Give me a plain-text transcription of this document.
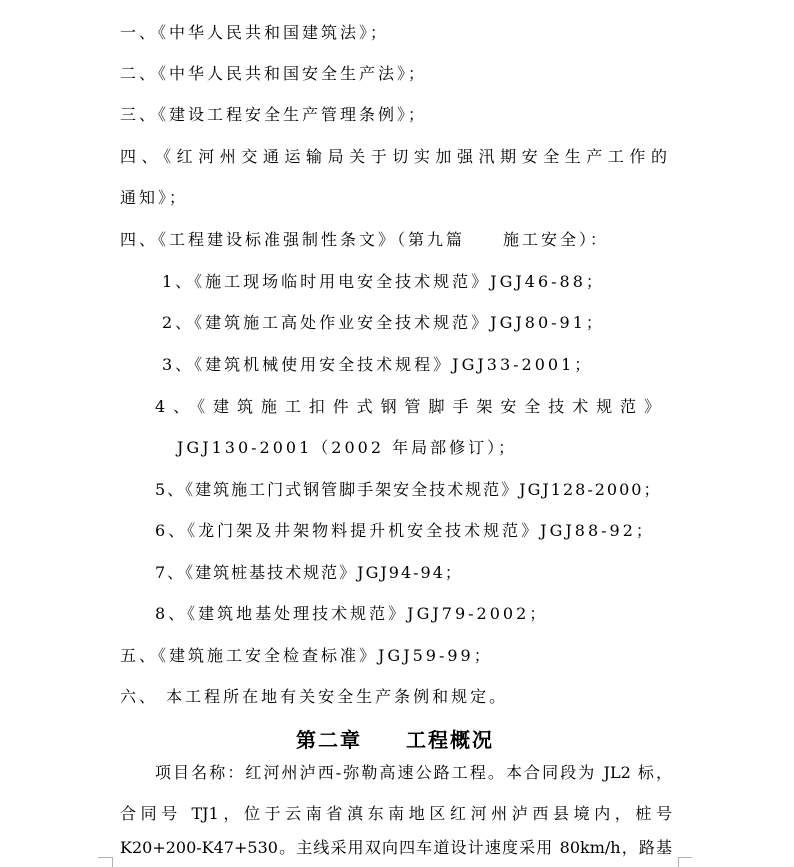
一、《中华人民共和国建筑法》；
二、《中华人民共和国安全生产法》；
三、《建设工程安全生产管理条例》；
四、《红河州交通运输局关于切实加强汛期安全生产工作的
通知》；
四、《工程建设标准强制性条文》（第九篇　　施工安全）：
1、《施工现场临时用电安全技术规范》JGJ46-88；
2、《建筑施工高处作业安全技术规范》JGJ80-91；
3、《建筑机械使用安全技术规程》JGJ33-2001；
4、《建筑施工扣件式钢管脚手架安全技术规范》
JGJ130-2001（2002 年局部修订）；
5、《建筑施工门式钢管脚手架安全技术规范》JGJ128-2000；
6、《龙门架及井架物料提升机安全技术规范》JGJ88-92；
7、《建筑桩基技术规范》JGJ94-94；
8、《建筑地基处理技术规范》JGJ79-2002；
五、《建筑施工安全检查标准》JGJ59-99；
六、 本工程所在地有关安全生产条例和规定。
第二章　　工程概况
项目名称：红河州泸西-弥勒高速公路工程。本合同段为 JL2 标，
合同号 TJ1，位于云南省滇东南地区红河州泸西县境内，桩号
K20+200-K47+530。主线采用双向四车道设计速度采用 80km/h，路基
